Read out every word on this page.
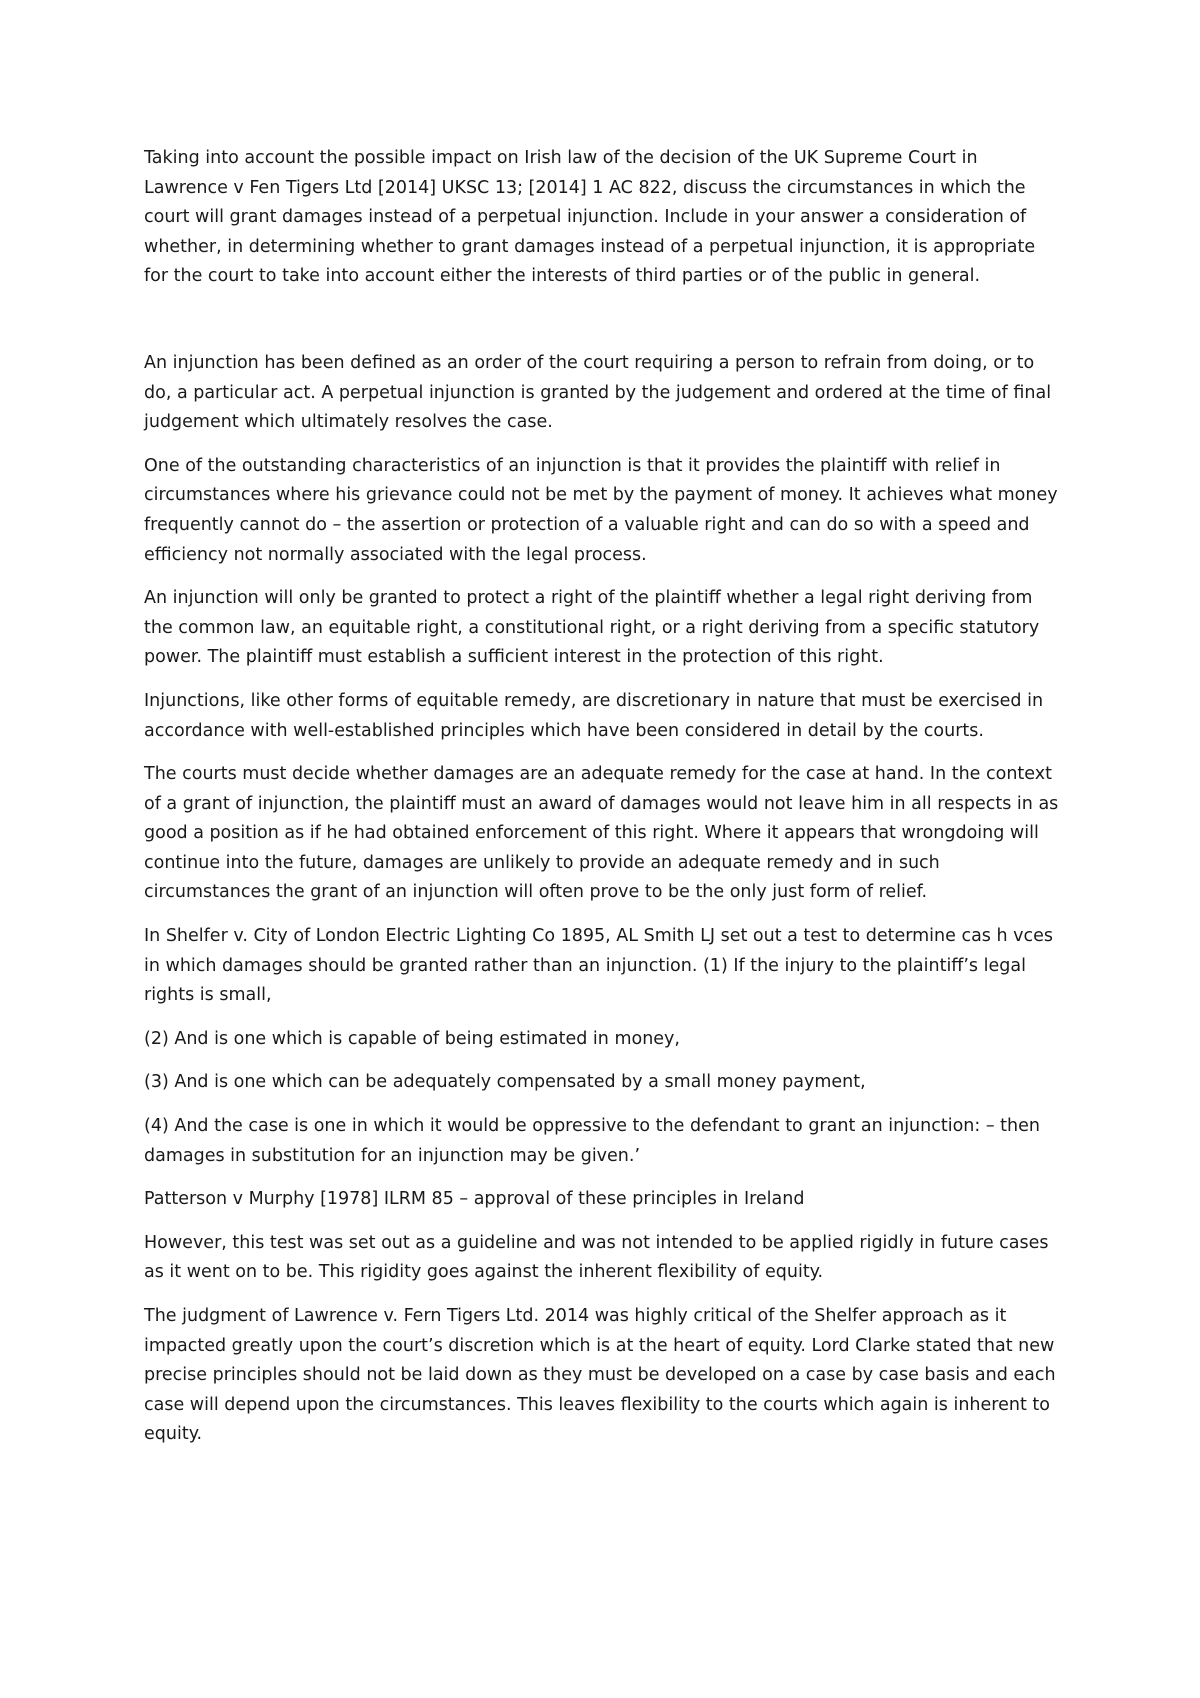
Taking into account the possible impact on Irish law of the decision of the UK Supreme Court in Lawrence v Fen Tigers Ltd [2014] UKSC 13; [2014] 1 AC 822, discuss the circumstances in which the court will grant damages instead of a perpetual injunction. Include in your answer a consideration of whether, in determining whether to grant damages instead of a perpetual injunction, it is appropriate for the court to take into account either the interests of third parties or of the public in general.

An injunction has been defined as an order of the court requiring a person to refrain from doing, or to do, a particular act. A perpetual injunction is granted by the judgement and ordered at the time of final judgement which ultimately resolves the case.

One of the outstanding characteristics of an injunction is that it provides the plaintiff with relief in circumstances where his grievance could not be met by the payment of money. It achieves what money frequently cannot do – the assertion or protection of a valuable right and can do so with a speed and efficiency not normally associated with the legal process.

An injunction will only be granted to protect a right of the plaintiff whether a legal right deriving from the common law, an equitable right, a constitutional right, or a right deriving from a specific statutory power. The plaintiff must establish a sufficient interest in the protection of this right.

Injunctions, like other forms of equitable remedy, are discretionary in nature that must be exercised in accordance with well-established principles which have been considered in detail by the courts.

The courts must decide whether damages are an adequate remedy for the case at hand. In the context of a grant of injunction, the plaintiff must an award of damages would not leave him in all respects in as good a position as if he had obtained enforcement of this right. Where it appears that wrongdoing will continue into the future, damages are unlikely to provide an adequate remedy and in such circumstances the grant of an injunction will often prove to be the only just form of relief.

In Shelfer v. City of London Electric Lighting Co 1895, AL Smith LJ set out a test to determine cas h vces in which damages should be granted rather than an injunction. (1) If the injury to the plaintiff’s legal rights is small,

(2) And is one which is capable of being estimated in money,

(3) And is one which can be adequately compensated by a small money payment,

(4) And the case is one in which it would be oppressive to the defendant to grant an injunction: – then damages in substitution for an injunction may be given.’

Patterson v Murphy [1978] ILRM 85 – approval of these principles in Ireland

However, this test was set out as a guideline and was not intended to be applied rigidly in future cases as it went on to be. This rigidity goes against the inherent flexibility of equity.

The judgment of Lawrence v. Fern Tigers Ltd. 2014 was highly critical of the Shelfer approach as it impacted greatly upon the court’s discretion which is at the heart of equity. Lord Clarke stated that new precise principles should not be laid down as they must be developed on a case by case basis and each case will depend upon the circumstances. This leaves flexibility to the courts which again is inherent to equity.
